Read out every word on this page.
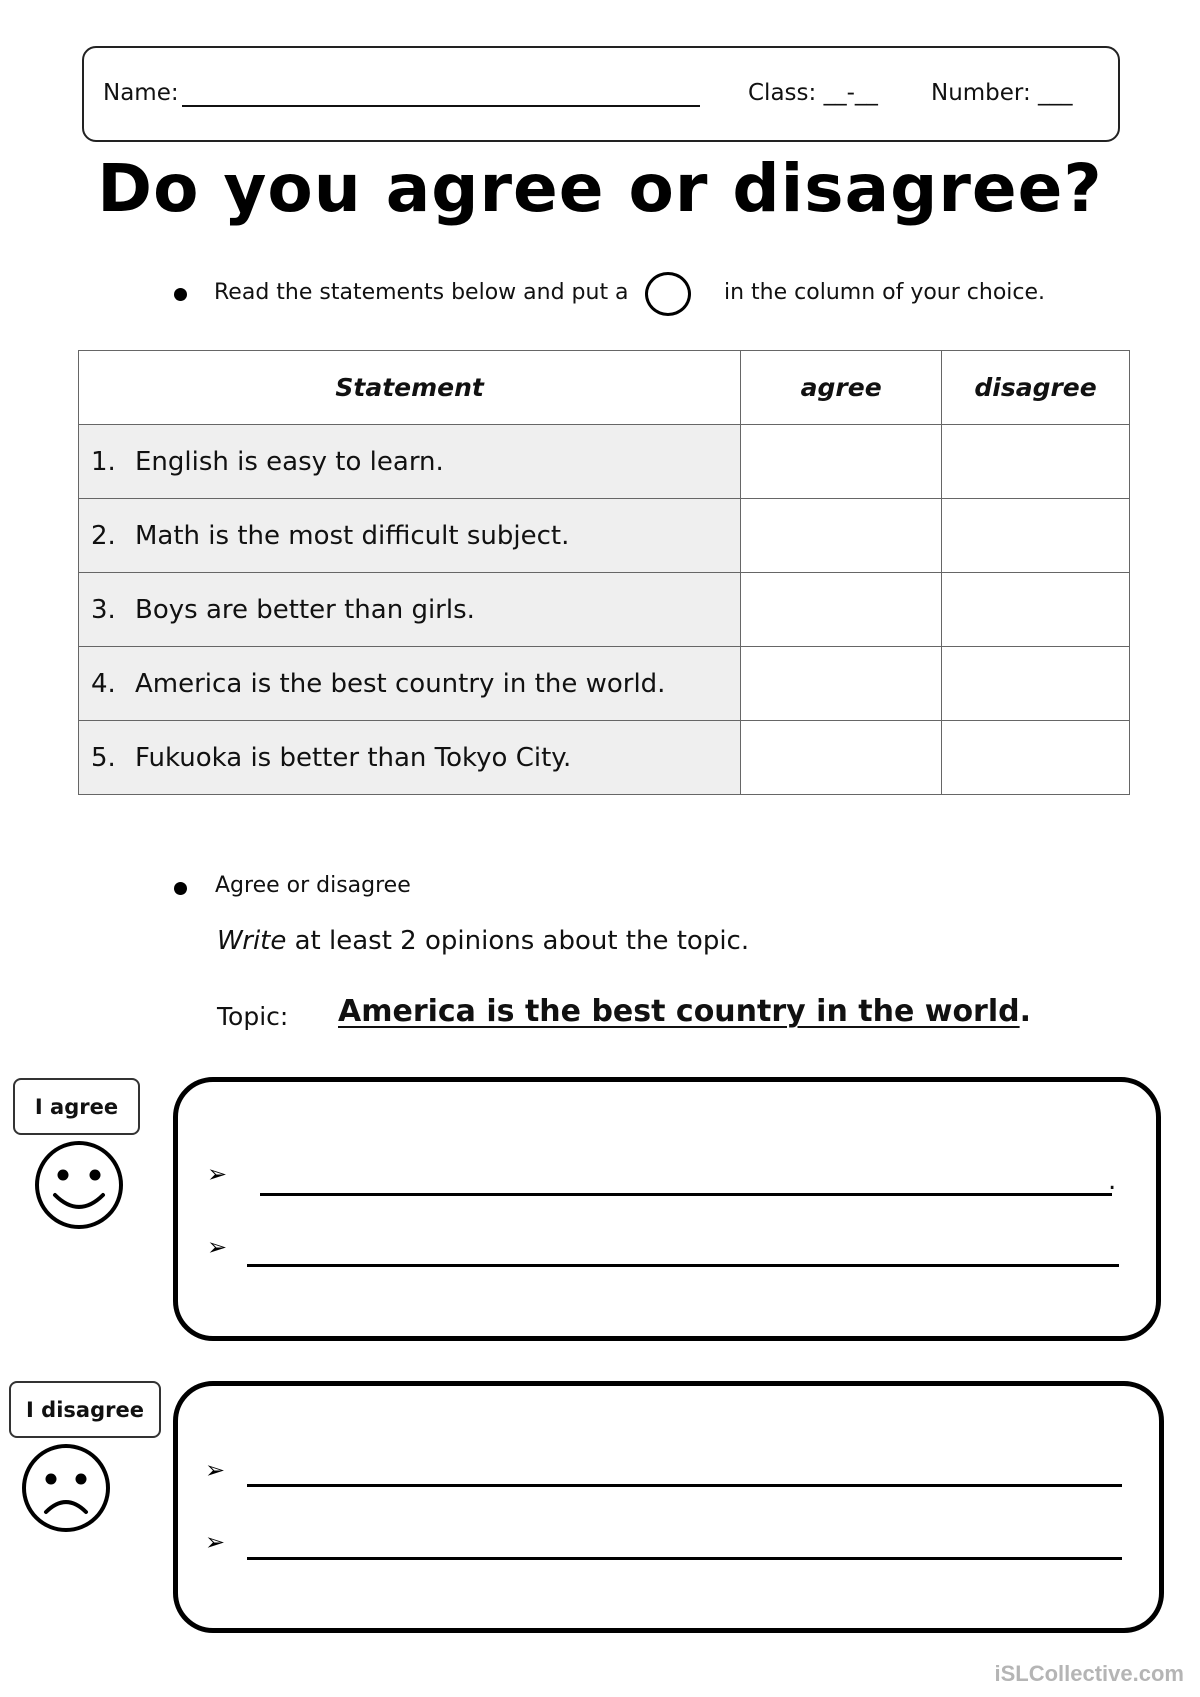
Name:	Class: __-__ Number: ___
Do you agree or disagree?
Read the statements below and put a	in the column of your choice.
Statement	agree	disagree
1. English is easy to learn.		
2. Math is the most difficult subject.		
3. Boys are better than girls.		
4. America is the best country in the world.		
5. Fukuoka is better than Tokyo City.		
Agree or disagree
Write at least 2 opinions about the topic.
Topic: America is the best country in the world.
I agree
➢	.
➢
I disagree
➢
➢
iSLCollective.com
